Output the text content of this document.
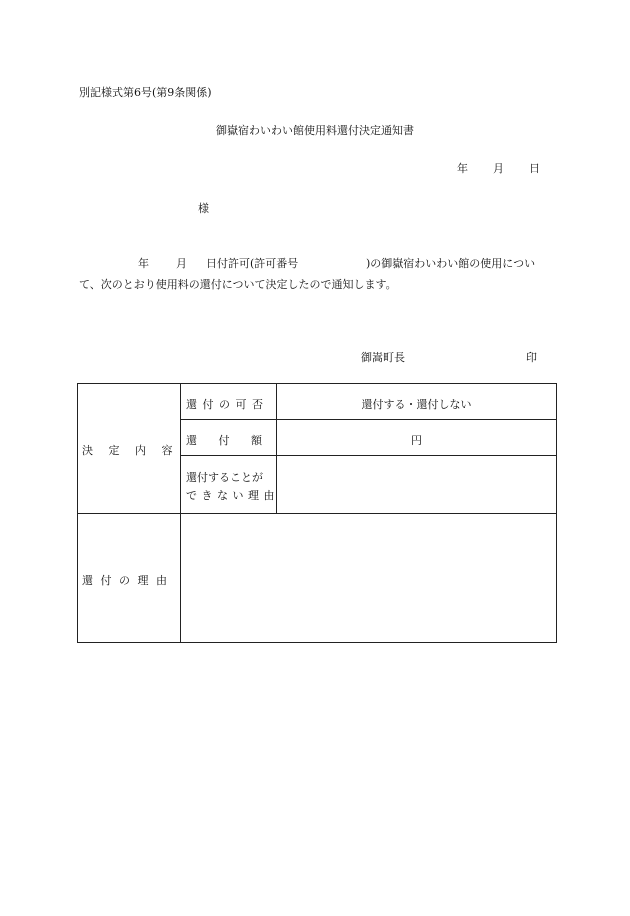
別記様式第6号(第9条関係)
御嶽宿わいわい館使用料還付決定通知書
年 月 日
様
年 月 日付許可(許可番号	)の御嶽宿わいわい館の使用につい
て、次のとおり使用料の還付について決定したので通知します。
御嵩町長	印
決 定 内 容
還 付 の 可 否	還付する・還付しない
還 付 額	円
還付することが
で き な い 理 由
還 付 の 理 由
